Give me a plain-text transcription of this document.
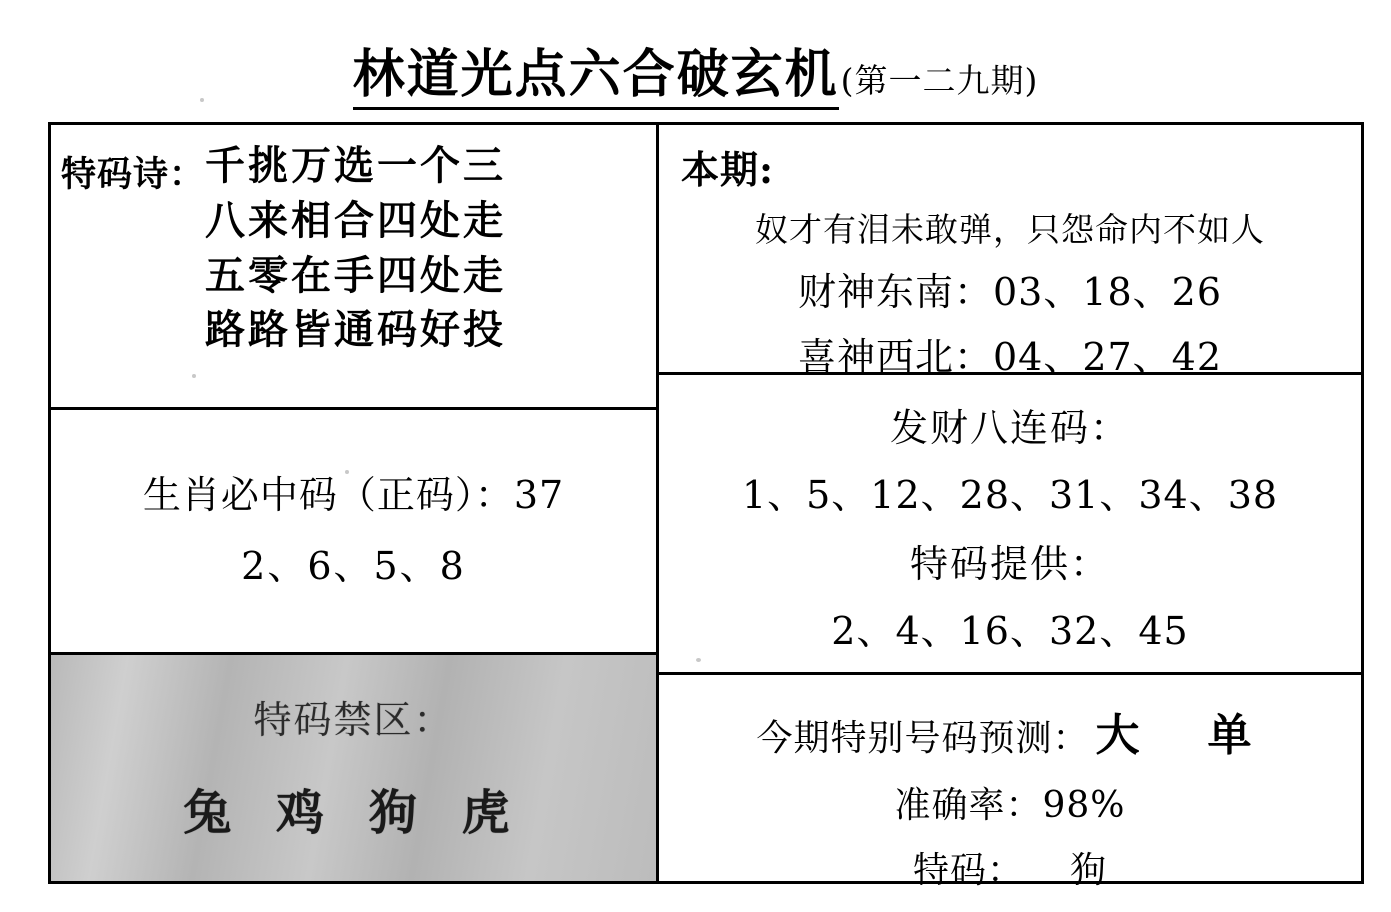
林道光点六合破玄机(第一二九期)
特码诗： 千挑万选一个三
八来相合四处走
五零在手四处走
路路皆通码好投
生肖必中码（正码）：37
2、6、5、8
特码禁区：
兔 鸡 狗 虎
本期:
奴才有泪未敢弹，只怨命内不如人
财神东南：03、18、26
喜神西北：04、27、42
发财八连码：
1、5、12、28、31、34、38
特码提供：
2、4、16、32、45
今期特别号码预测： 大　单
准确率：98%
特码： 狗
